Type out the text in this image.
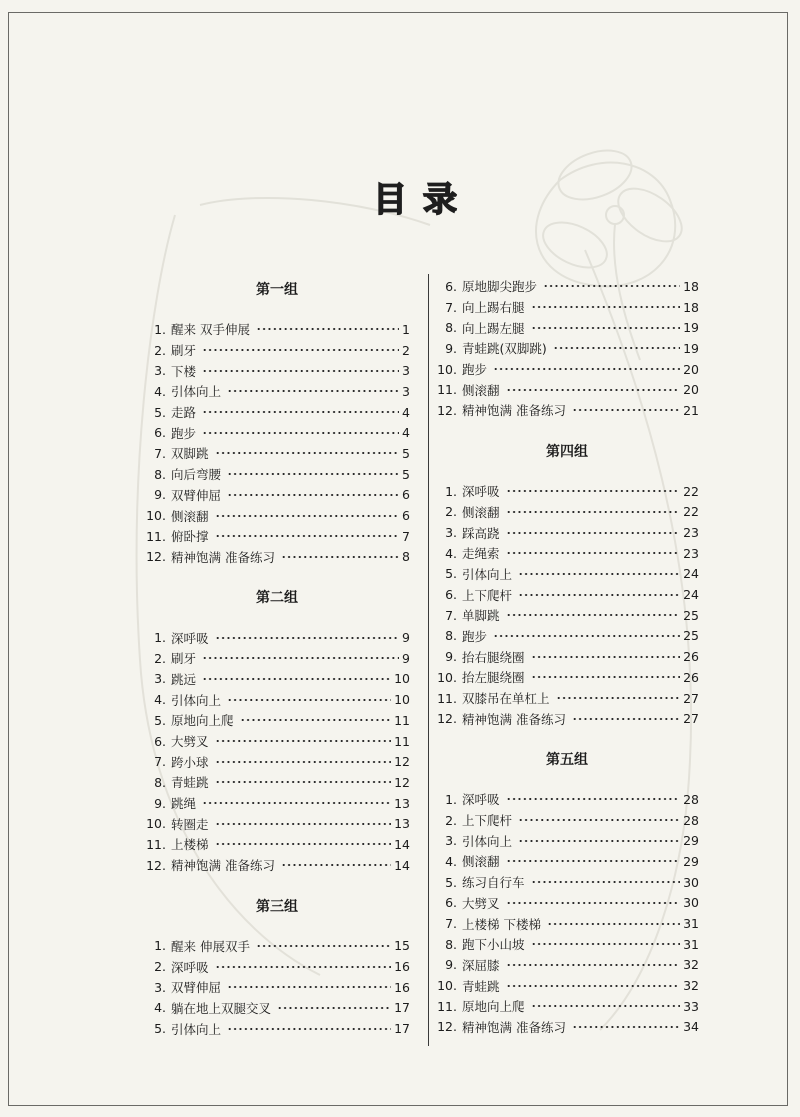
目录
第一组
1. 醒来 双手伸展	1
2. 刷牙	2
3. 下楼	3
4. 引体向上	3
5. 走路	4
6. 跑步	4
7. 双脚跳	5
8. 向后弯腰	5
9. 双臂伸屈	6
10. 侧滚翻	6
11. 俯卧撑	7
12. 精神饱满 准备练习	8
第二组
1. 深呼吸	9
2. 刷牙	9
3. 跳远	10
4. 引体向上	10
5. 原地向上爬	11
6. 大劈叉	11
7. 跨小球	12
8. 青蛙跳	12
9. 跳绳	13
10. 转圈走	13
11. 上楼梯	14
12. 精神饱满 准备练习	14
第三组
1. 醒来 伸展双手	15
2. 深呼吸	16
3. 双臂伸屈	16
4. 躺在地上双腿交叉	17
5. 引体向上	17
6. 原地脚尖跑步	18
7. 向上踢右腿	18
8. 向上踢左腿	19
9. 青蛙跳(双脚跳)	19
10. 跑步	20
11. 侧滚翻	20
12. 精神饱满 准备练习	21
第四组
1. 深呼吸	22
2. 侧滚翻	22
3. 踩高跷	23
4. 走绳索	23
5. 引体向上	24
6. 上下爬杆	24
7. 单脚跳	25
8. 跑步	25
9. 抬右腿绕圈	26
10. 抬左腿绕圈	26
11. 双膝吊在单杠上	27
12. 精神饱满 准备练习	27
第五组
1. 深呼吸	28
2. 上下爬杆	28
3. 引体向上	29
4. 侧滚翻	29
5. 练习自行车	30
6. 大劈叉	30
7. 上楼梯 下楼梯	31
8. 跑下小山坡	31
9. 深屈膝	32
10. 青蛙跳	32
11. 原地向上爬	33
12. 精神饱满 准备练习	34
